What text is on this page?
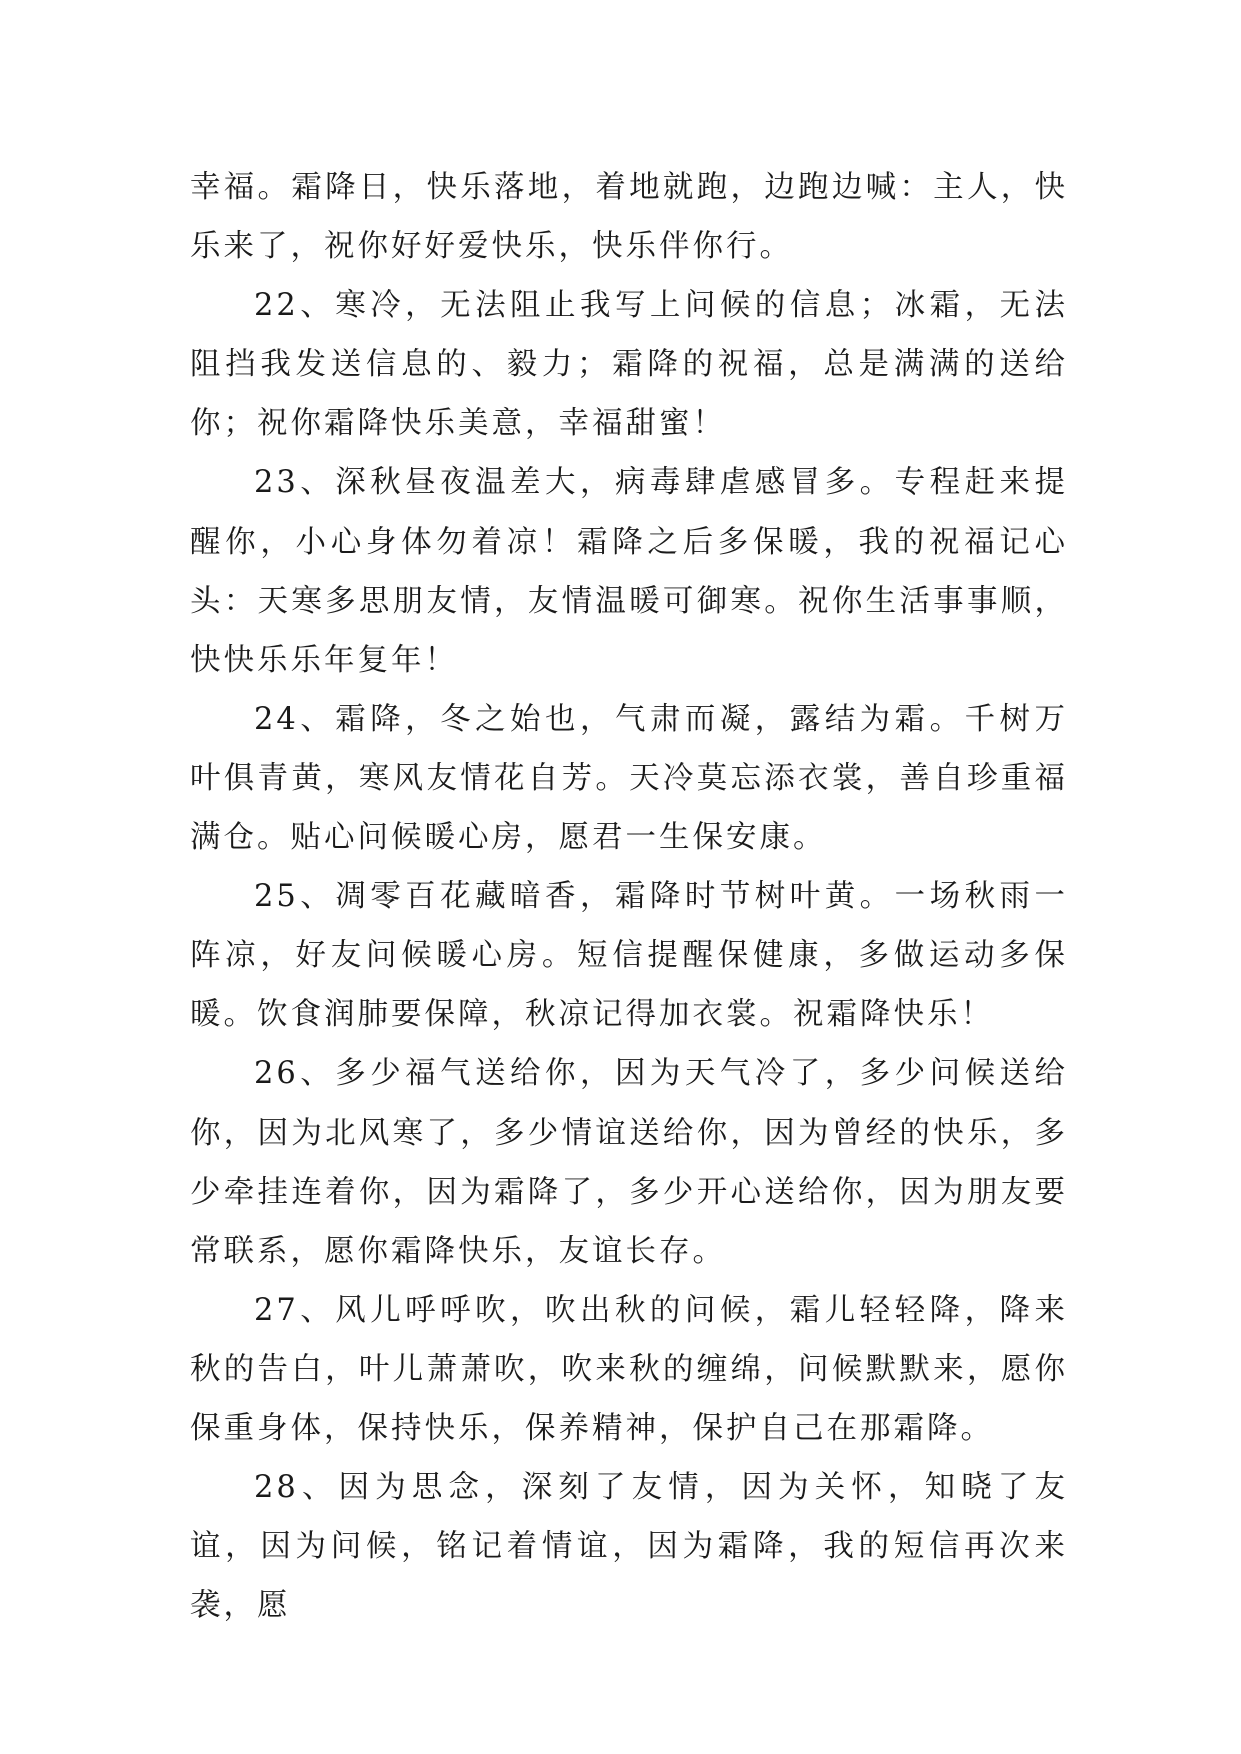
幸福。霜降日，快乐落地，着地就跑，边跑边喊：主人，快乐来了，祝你好好爱快乐，快乐伴你行。

22、寒冷，无法阻止我写上问候的信息；冰霜，无法阻挡我发送信息的、毅力；霜降的祝福，总是满满的送给你；祝你霜降快乐美意，幸福甜蜜！

23、深秋昼夜温差大，病毒肆虐感冒多。专程赶来提醒你，小心身体勿着凉！霜降之后多保暖，我的祝福记心头：天寒多思朋友情，友情温暖可御寒。祝你生活事事顺，快快乐乐年复年！

24、霜降，冬之始也，气肃而凝，露结为霜。千树万叶俱青黄，寒风友情花自芳。天冷莫忘添衣裳，善自珍重福满仓。贴心问候暖心房，愿君一生保安康。

25、凋零百花藏暗香，霜降时节树叶黄。一场秋雨一阵凉，好友问候暖心房。短信提醒保健康，多做运动多保暖。饮食润肺要保障，秋凉记得加衣裳。祝霜降快乐！

26、多少福气送给你，因为天气冷了，多少问候送给你，因为北风寒了，多少情谊送给你，因为曾经的快乐，多少牵挂连着你，因为霜降了，多少开心送给你，因为朋友要常联系，愿你霜降快乐，友谊长存。

27、风儿呼呼吹，吹出秋的问候，霜儿轻轻降，降来秋的告白，叶儿萧萧吹，吹来秋的缠绵，问候默默来，愿你保重身体，保持快乐，保养精神，保护自己在那霜降。

28、因为思念，深刻了友情，因为关怀，知晓了友谊，因为问候，铭记着情谊，因为霜降，我的短信再次来袭，愿
